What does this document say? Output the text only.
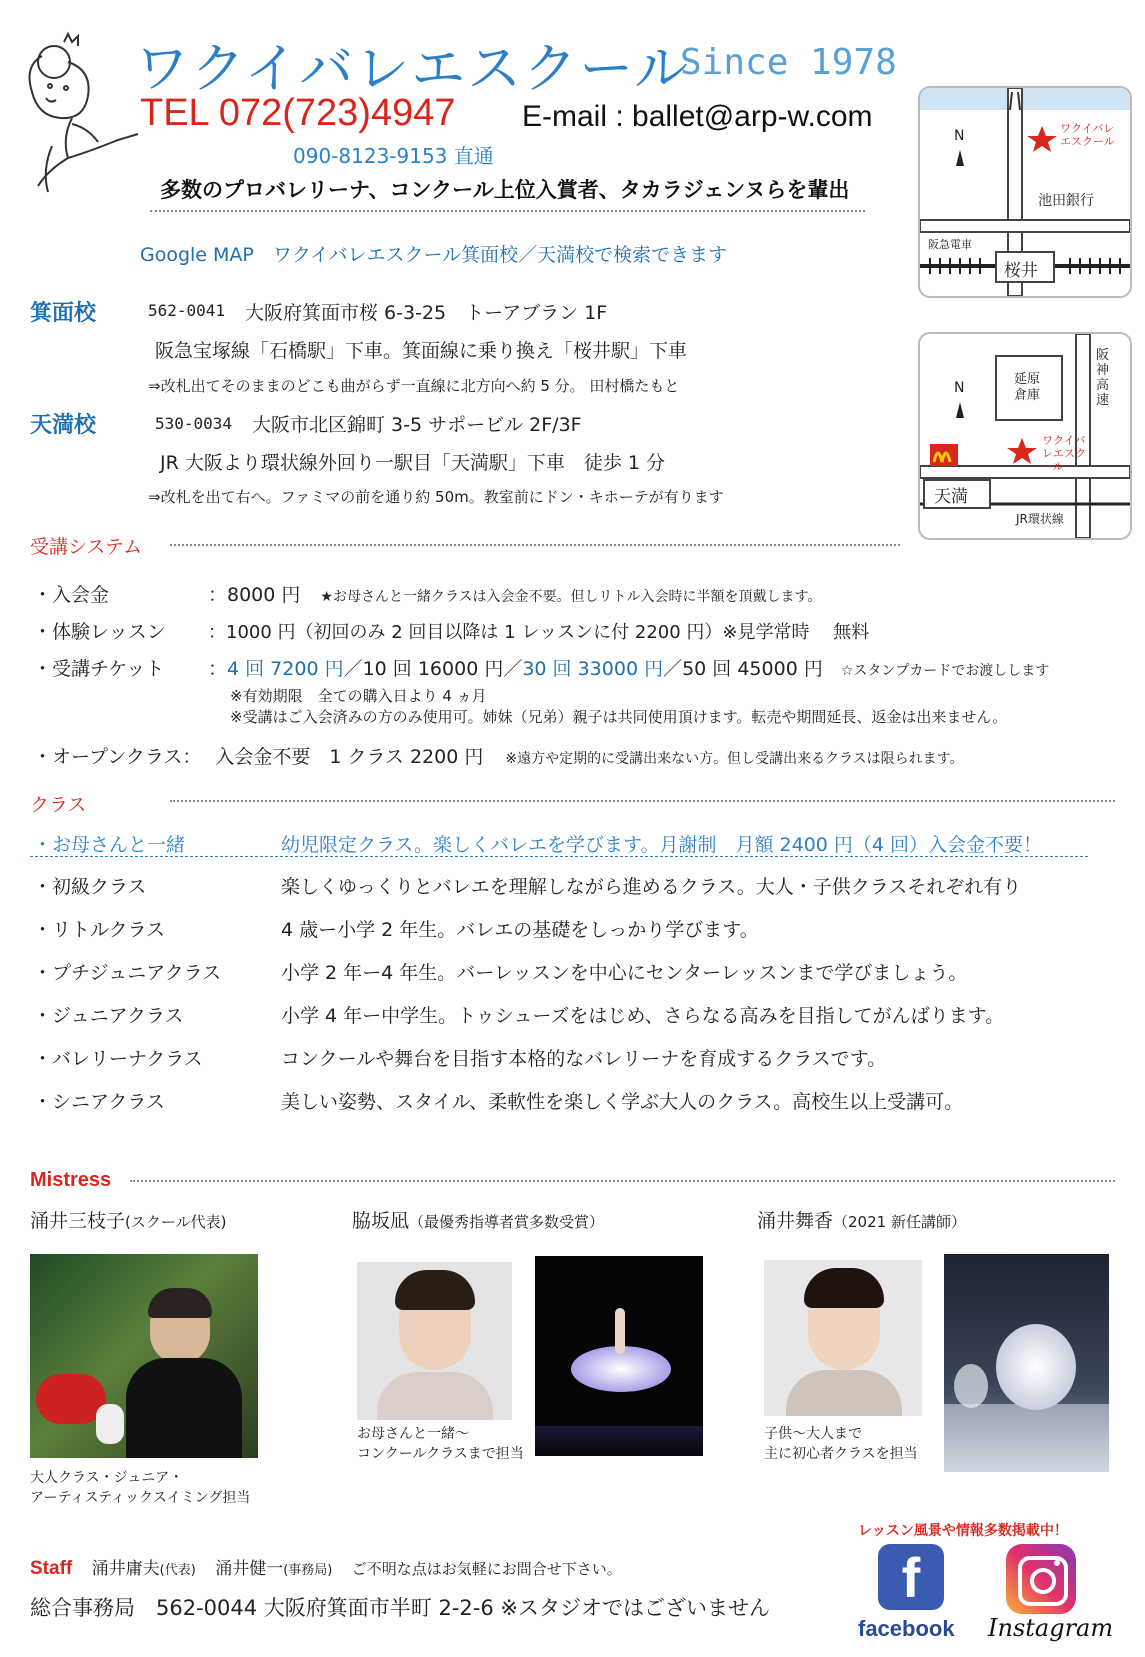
ワクイバレエスクール
Since 1978
TEL 072(723)4947 E-mail : ballet@arp-w.com
090-8123-9153 直通
多数のプロバレリーナ、コンクール上位入賞者、タカラジェンヌらを輩出
Google MAP　ワクイバレエスクール箕面校／天満校で検索できます
箕面校	562-0041 大阪府箕面市桜 6-3-25　トーアブラン 1F
阪急宝塚線「石橋駅」下車。箕面線に乗り換え「桜井駅」下車
⇒改札出てそのままのどこも曲がらず一直線に北方向へ約 5 分。 田村橋たもと
天満校	530-0034 大阪市北区錦町 3-5 サポービル 2F/3F
JR 大阪より環状線外回り一駅目「天満駅」下車　徒歩 1 分
⇒改札を出て右へ。ファミマの前を通り約 50m。教室前にドン・キホーテが有ります
N	ワクイバレエスクール
池田銀行
阪急電車
桜井
N
延原倉庫
阪神高速
ワクイバレエスクール
天満
JR環状線
受講システム
・入会金	：8000 円 ★お母さんと一緒クラスは入会金不要。但しリトル入会時に半額を頂戴します。
・体験レッスン ：1000 円（初回のみ 2 回目以降は 1 レッスンに付 2200 円）※見学常時　 無料
・受講チケット ：4 回 7200 円／10 回 16000 円／30 回 33000 円／50 回 45000 円 ☆スタンプカードでお渡しします
※有効期限　全ての購入日より 4 ヵ月
※受講はご入会済みの方のみ使用可。姉妹（兄弟）親子は共同使用頂けます。転売や期間延長、返金は出来ません。
・オープンクラス： 入会金不要　1 クラス 2200 円 ※遠方や定期的に受講出来ない方。但し受講出来るクラスは限られます。
クラス
・お母さんと一緒	幼児限定クラス。楽しくバレエを学びます。月謝制　月額 2400 円（4 回）入会金不要！
・初級クラス	楽しくゆっくりとバレエを理解しながら進めるクラス。大人・子供クラスそれぞれ有り
・リトルクラス	4 歳ー小学 2 年生。バレエの基礎をしっかり学びます。
・プチジュニアクラス	小学 2 年ー4 年生。バーレッスンを中心にセンターレッスンまで学びましょう。
・ジュニアクラス	小学 4 年ー中学生。トゥシューズをはじめ、さらなる高みを目指してがんばります。
・バレリーナクラス	コンクールや舞台を目指す本格的なバレリーナを育成するクラスです。
・シニアクラス	美しい姿勢、スタイル、柔軟性を楽しく学ぶ大人のクラス。高校生以上受講可。
Mistress
涌井三枝子(スクール代表)	脇坂凪（最優秀指導者賞多数受賞）	涌井舞香（2021 新任講師）
大人クラス・ジュニア・
アーティスティックスイミング担当
お母さんと一緒～
コンクールクラスまで担当
子供～大人まで
主に初心者クラスを担当
レッスン風景や情報多数掲載中！
f
facebook Instagram
Staff 涌井庸夫(代表) 涌井健一(事務局) ご不明な点はお気軽にお問合せ下さい。
総合事務局　562-0044 大阪府箕面市半町 2-2-6 ※スタジオではございません
